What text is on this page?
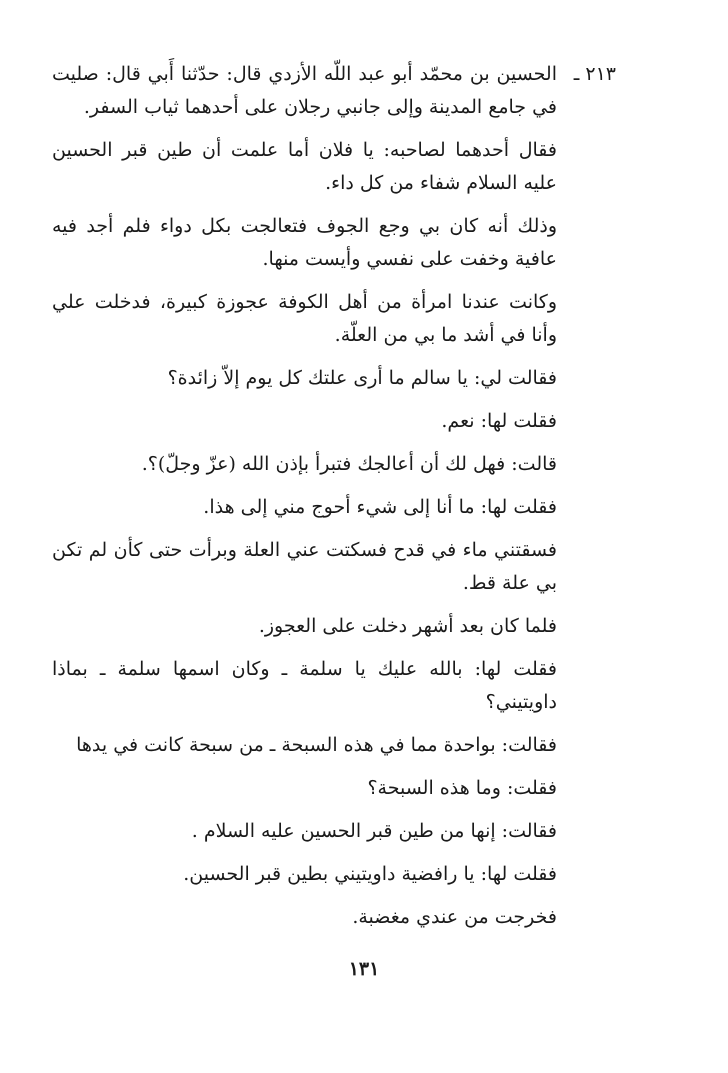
٢١٣ ـ

الحسين بن محمّد أبو عبد اللّه الأزدي قال: حدّثنا أَبي قال: صليت في جامع المدينة وإلى جانبي رجلان على أحدهما ثياب السفر.

فقال أحدهما لصاحبه: يا فلان أما علمت أن طين قبر الحسين عليه السلام شفاء من كل داء.

وذلك أنه كان بي وجع الجوف فتعالجت بكل دواء فلم أجد فيه عافية وخفت على نفسي وأيست منها.

وكانت عندنا امرأة من أهل الكوفة عجوزة كبيرة، فدخلت علي وأنا في أشد ما بي من العلّة.

فقالت لي: يا سالم ما أرى علتك كل يوم إلاّ زائدة؟

فقلت لها: نعم.

قالت: فهل لك أن أعالجك فتبرأ بإذن الله (عزّ وجلّ)؟.

فقلت لها: ما أنا إلى شيء أحوج مني إلى هذا.

فسقتني ماء في قدح فسكتت عني العلة وبرأت حتى كأن لم تكن بي علة قط.

فلما كان بعد أشهر دخلت على العجوز.

فقلت لها: بالله عليك يا سلمة ـ وكان اسمها سلمة ـ بماذا داويتيني؟

فقالت: بواحدة مما في هذه السبحة ـ من سبحة كانت في يدها

فقلت: وما هذه السبحة؟

فقالت: إنها من طين قبر الحسين عليه السلام .

فقلت لها: يا رافضية داويتيني بطين قبر الحسين.

فخرجت من عندي مغضبة.

١٣١
